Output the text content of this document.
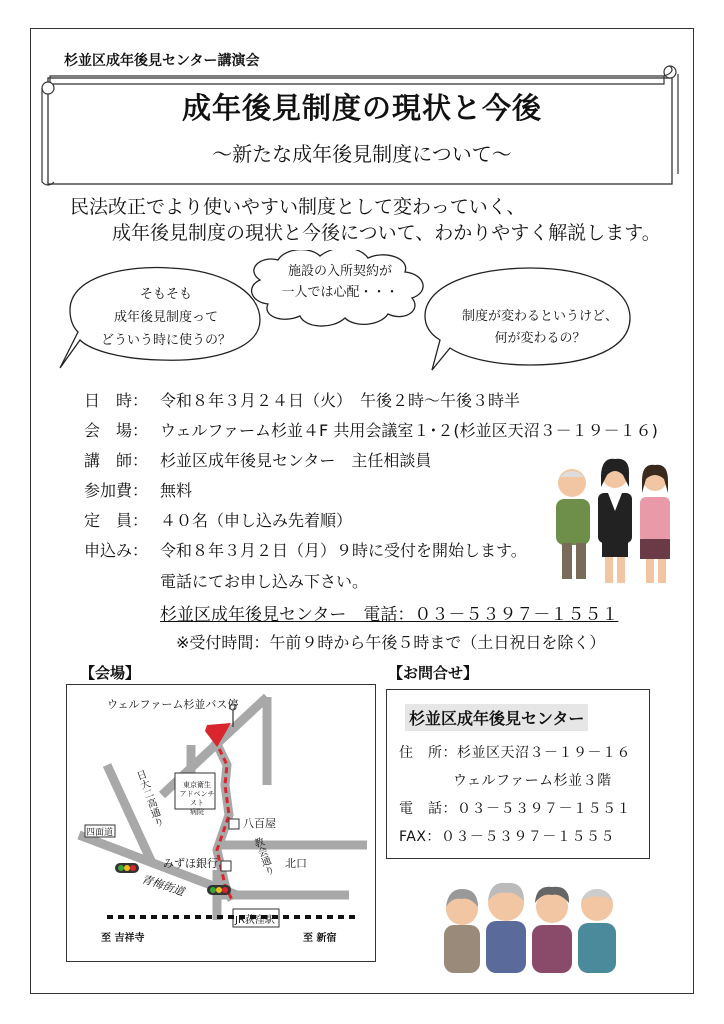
杉並区成年後見センター講演会
成年後見制度の現状と今後
～新たな成年後見制度について～
民法改正でより使いやすい制度として変わっていく、
成年後見制度の現状と今後について、わかりやすく解説します。
そもそも
成年後見制度って
どういう時に使うの？
施設の入所契約が
一人では心配・・・
制度が変わるというけど、
何が変わるの？
日　時： 令和８年３月２４日（火）　午後２時～午後３時半
会　場： ウェルファーム杉並４F 共用会議室１･２(杉並区天沼３－１９－１６)
講　師： 杉並区成年後見センター　主任相談員
参加費： 無料
定　員： ４０名（申し込み先着順）
申込み： 令和８年３月２日（月）９時に受付を開始します。
電話にてお申し込み下さい。
杉並区成年後見センター　電話：０３－５３９７－１５５１
※受付時間：午前９時から午後５時まで（土日祝日を除く）
【会場】	【お問合せ】
ウェルファーム杉並バス停
東京衛生
アドベンチスト
病院
八百屋
みずほ銀行	北口
四面道
日大二高通り
教会通り
青梅街道
JR荻窪駅
至 吉祥寺	至 新宿
杉並区成年後見センター
住　所：杉並区天沼３－１９－１６
ウェルファーム杉並３階
電　話：０３－５３９７－１５５１
FAX：０３－５３９７－１５５５
